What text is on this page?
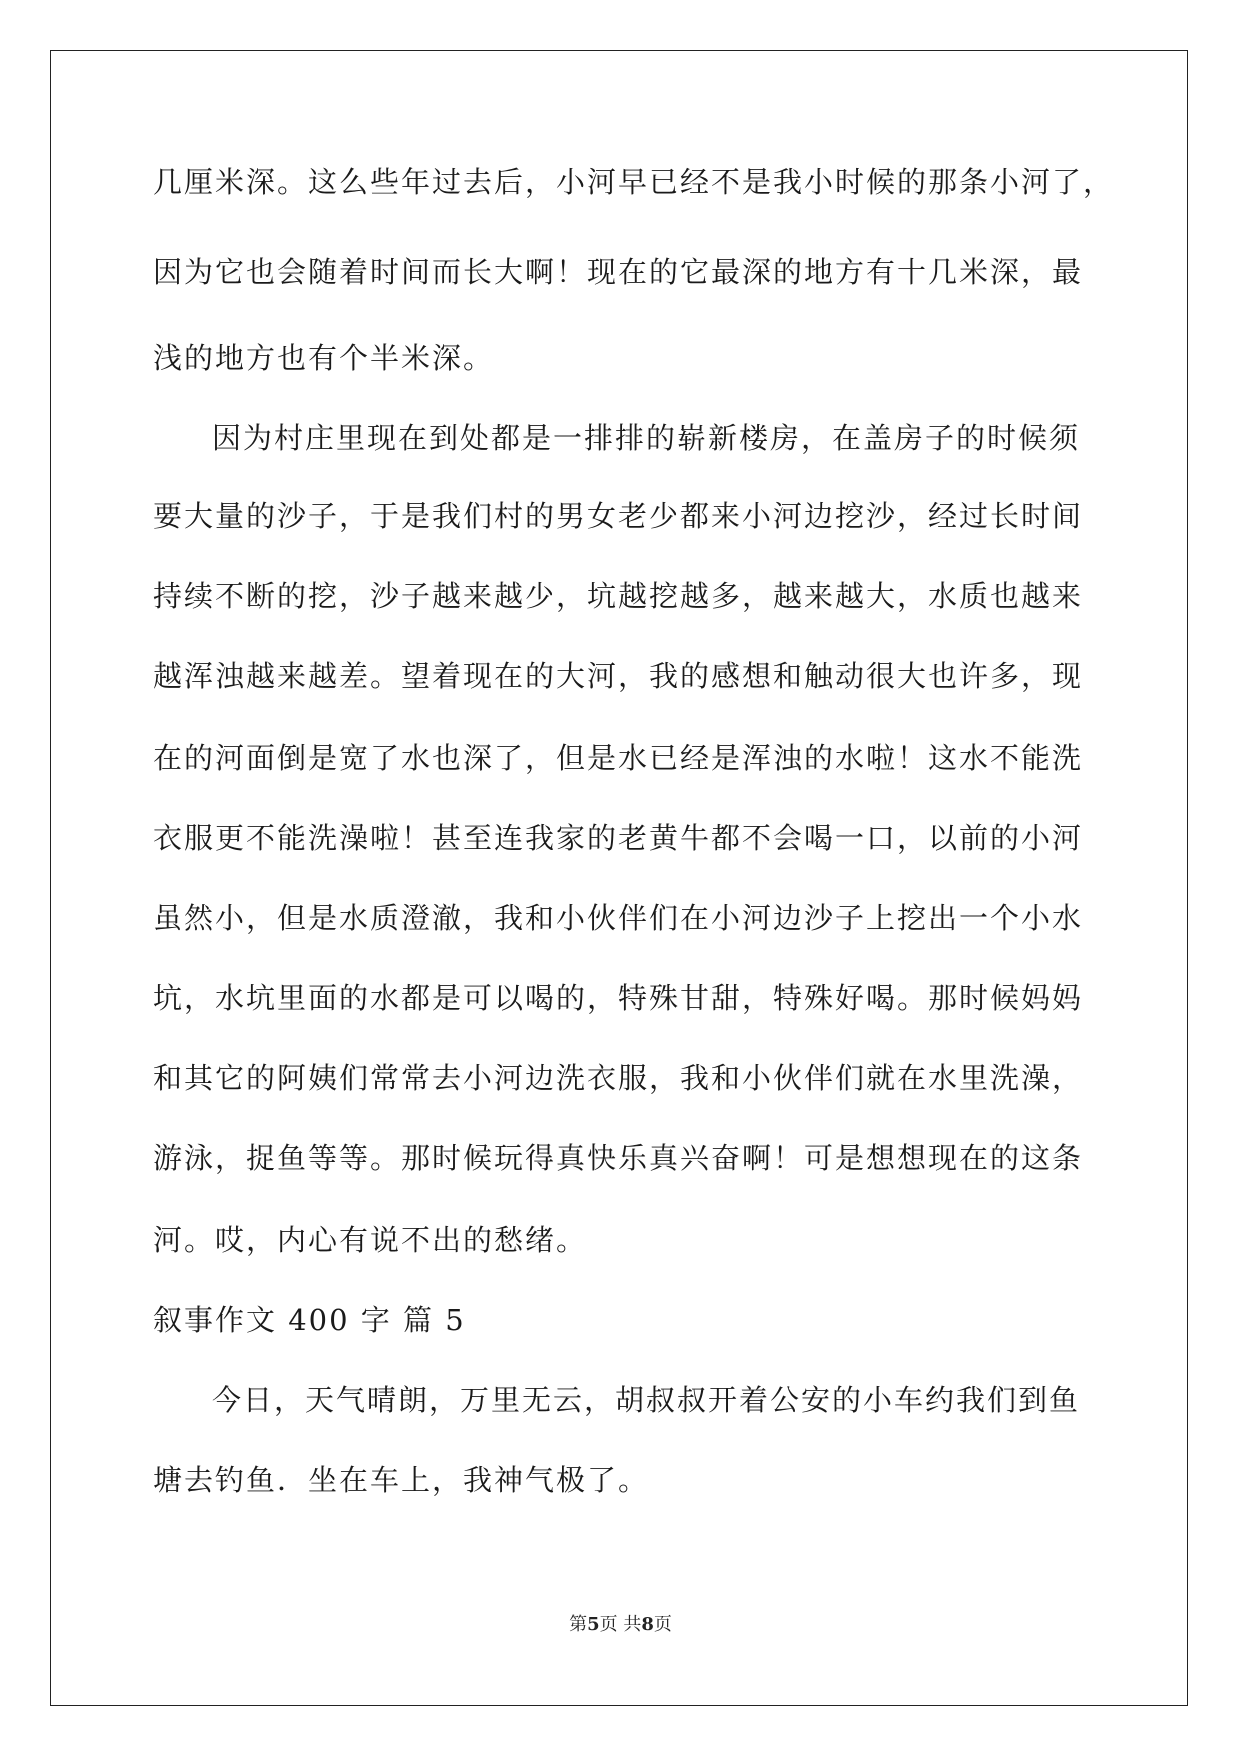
几厘米深。这么些年过去后，小河早已经不是我小时候的那条小河了，
因为它也会随着时间而长大啊！现在的它最深的地方有十几米深，最
浅的地方也有个半米深。
因为村庄里现在到处都是一排排的崭新楼房，在盖房子的时候须
要大量的沙子，于是我们村的男女老少都来小河边挖沙，经过长时间
持续不断的挖，沙子越来越少，坑越挖越多，越来越大，水质也越来
越浑浊越来越差。望着现在的大河，我的感想和触动很大也许多，现
在的河面倒是宽了水也深了，但是水已经是浑浊的水啦！这水不能洗
衣服更不能洗澡啦！甚至连我家的老黄牛都不会喝一口，以前的小河
虽然小，但是水质澄澈，我和小伙伴们在小河边沙子上挖出一个小水
坑，水坑里面的水都是可以喝的，特殊甘甜，特殊好喝。那时候妈妈
和其它的阿姨们常常去小河边洗衣服，我和小伙伴们就在水里洗澡，
游泳，捉鱼等等。那时候玩得真快乐真兴奋啊！可是想想现在的这条
河。哎，内心有说不出的愁绪。
叙事作文 400 字 篇 5
今日，天气晴朗，万里无云，胡叔叔开着公安的小车约我们到鱼
塘去钓鱼．坐在车上，我神气极了。
第5页 共8页
